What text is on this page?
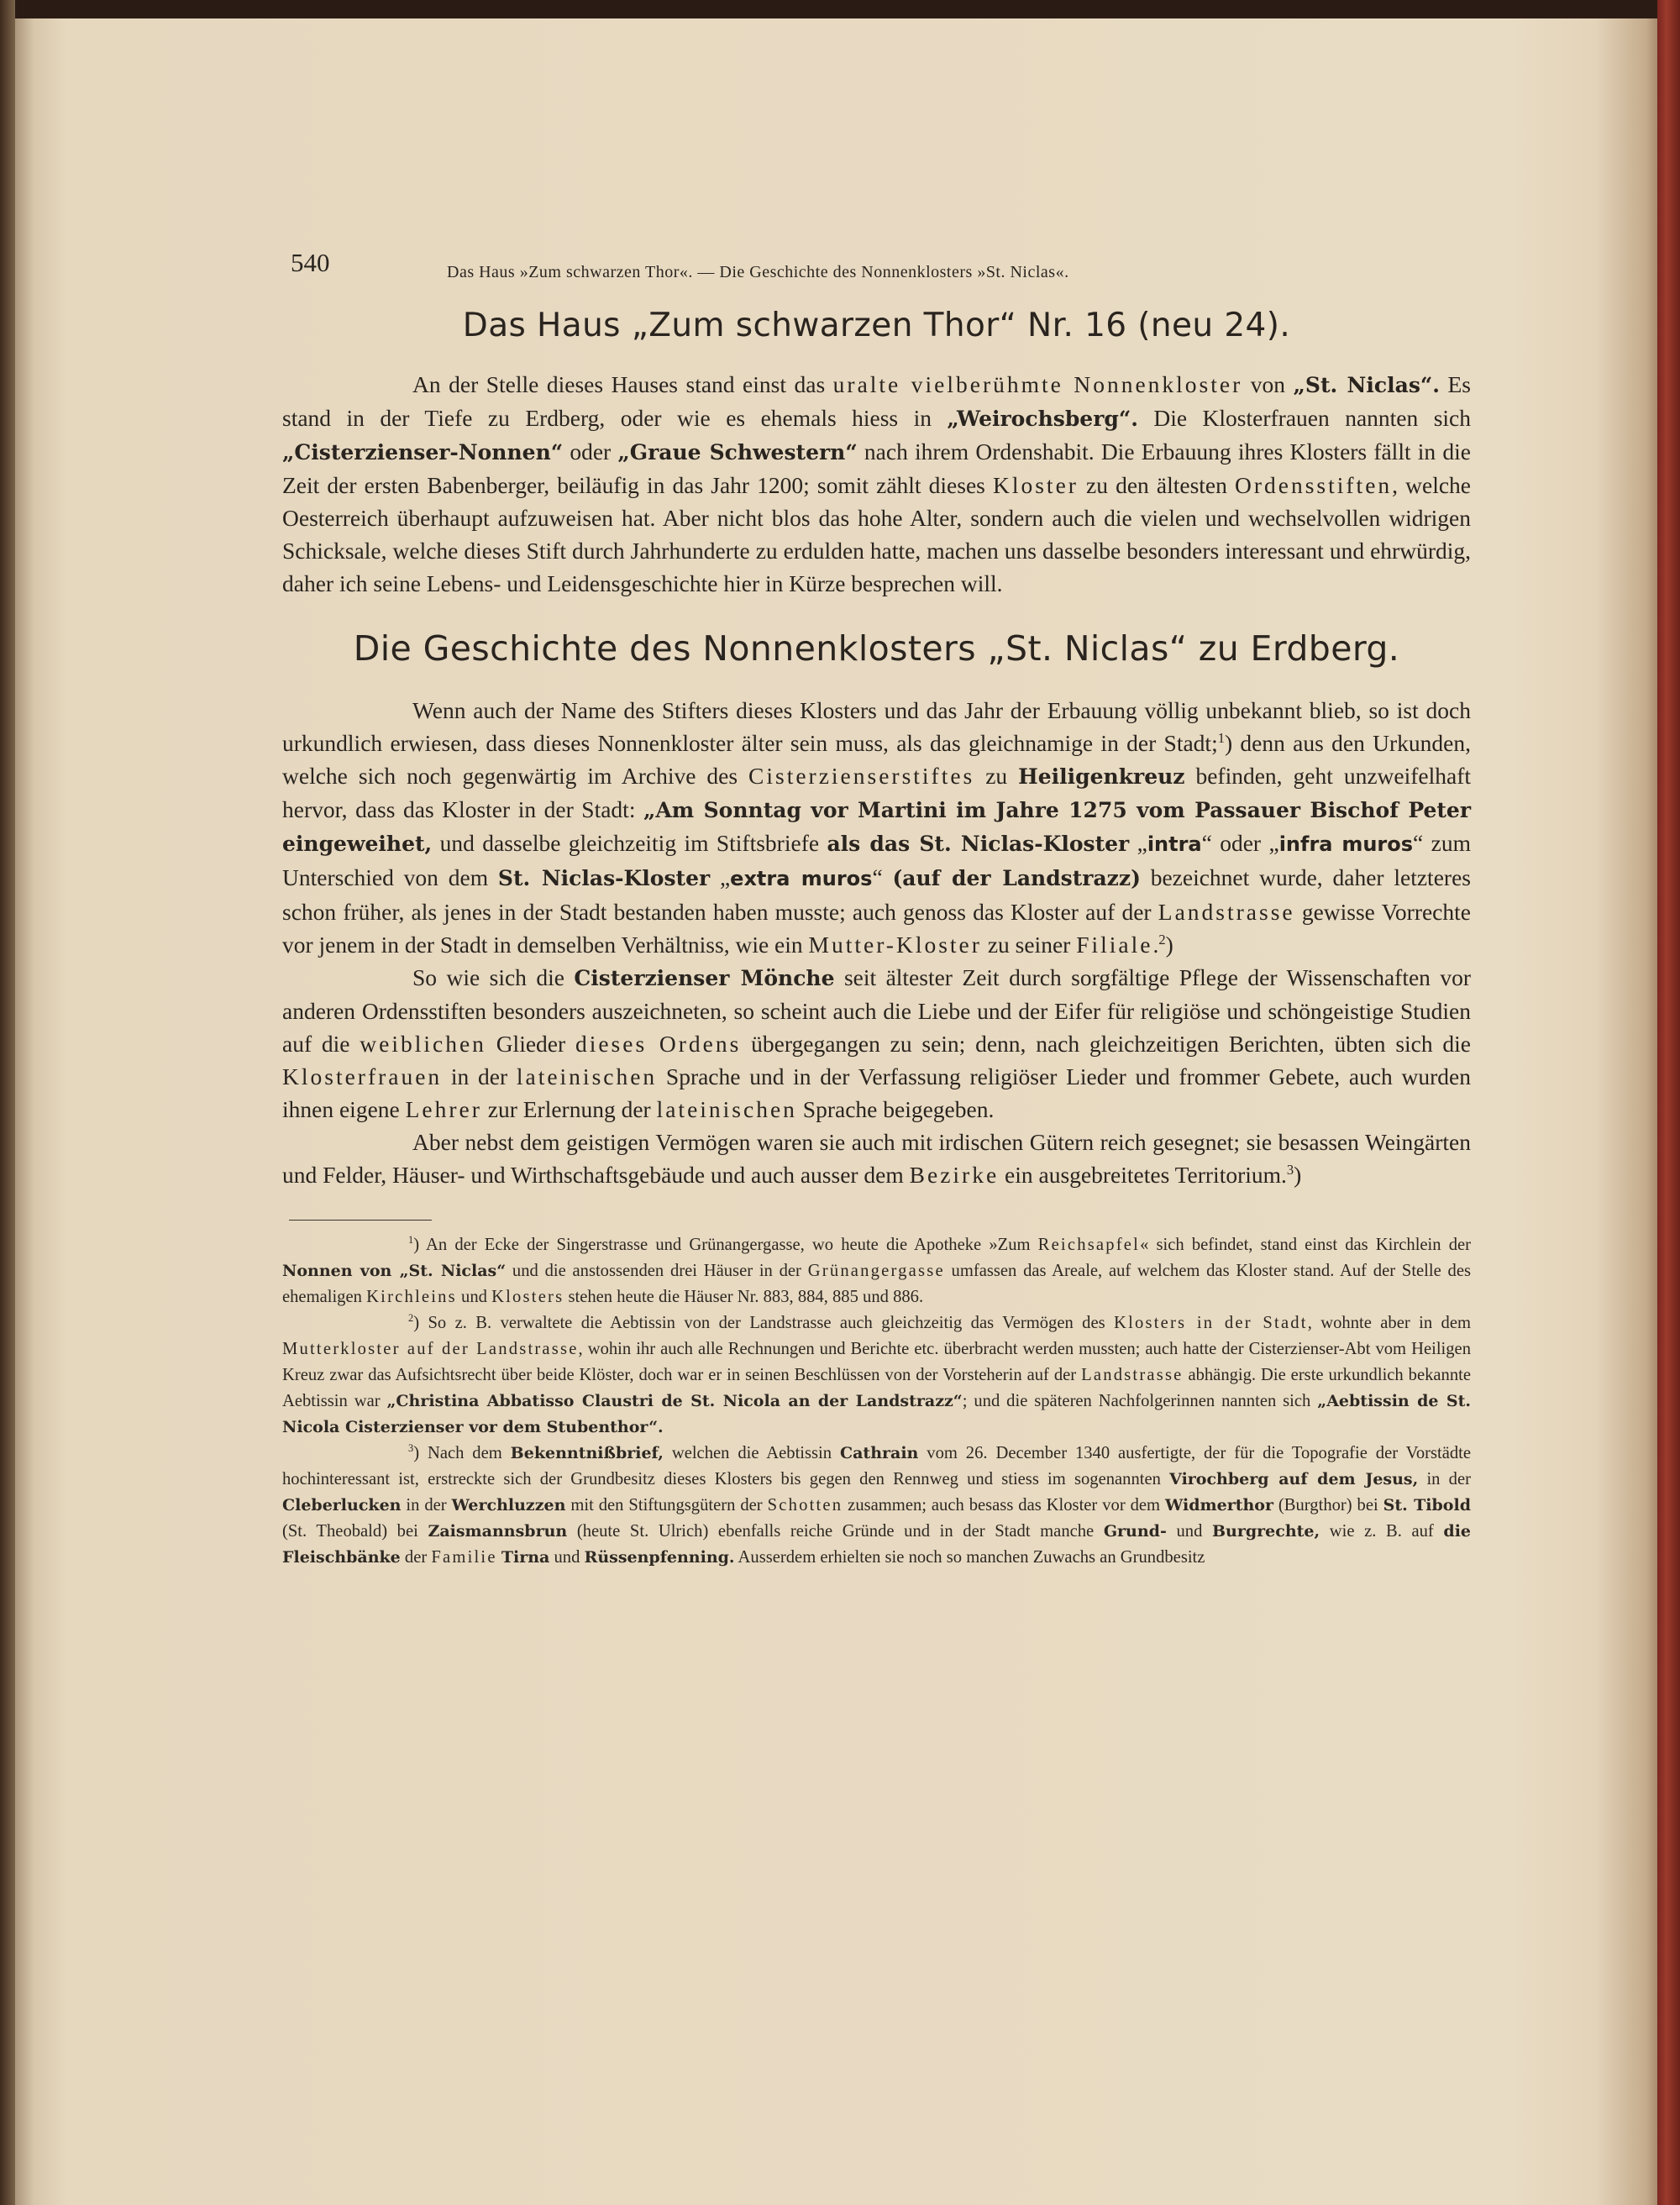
540	Das Haus »Zum schwarzen Thor«. — Die Geschichte des Nonnenklosters »St. Niclas«.
Das Haus „Zum schwarzen Thor“ Nr. 16 (neu 24).

An der Stelle dieses Hauses stand einst das uralte vielberühmte Nonnenkloster von „St. Niclas“. Es stand in der Tiefe zu Erdberg, oder wie es ehemals hiess in „Weirochsberg“. Die Klosterfrauen nannten sich „Cisterzienser-Nonnen“ oder „Graue Schwestern“ nach ihrem Ordenshabit. Die Erbauung ihres Klosters fällt in die Zeit der ersten Babenberger, beiläufig in das Jahr 1200; somit zählt dieses Kloster zu den ältesten Ordensstiften, welche Oesterreich überhaupt aufzuweisen hat. Aber nicht blos das hohe Alter, sondern auch die vielen und wechselvollen widrigen Schicksale, welche dieses Stift durch Jahrhunderte zu erdulden hatte, machen uns dasselbe besonders interessant und ehrwürdig, daher ich seine Lebens- und Leidensgeschichte hier in Kürze besprechen will.

Die Geschichte des Nonnenklosters „St. Niclas“ zu Erdberg.

Wenn auch der Name des Stifters dieses Klosters und das Jahr der Erbauung völlig unbekannt blieb, so ist doch urkundlich erwiesen, dass dieses Nonnenkloster älter sein muss, als das gleichnamige in der Stadt;$^1$) denn aus den Urkunden, welche sich noch gegenwärtig im Archive des Cisterzienserstiftes zu Heiligenkreuz befinden, geht unzweifelhaft hervor, dass das Kloster in der Stadt: „Am Sonntag vor Martini im Jahre 1275 vom Passauer Bischof Peter eingeweihet, und dasselbe gleichzeitig im Stiftsbriefe als das St. Niclas-Kloster „intra“ oder „infra muros“ zum Unterschied von dem St. Niclas-Kloster „extra muros“ (auf der Landstrazz) bezeichnet wurde, daher letzteres schon früher, als jenes in der Stadt bestanden haben musste; auch genoss das Kloster auf der Landstrasse gewisse Vorrechte vor jenem in der Stadt in demselben Verhältniss, wie ein Mutter-Kloster zu seiner Filiale.$^2$)

So wie sich die Cisterzienser Mönche seit ältester Zeit durch sorgfältige Pflege der Wissenschaften vor anderen Ordensstiften besonders auszeichneten, so scheint auch die Liebe und der Eifer für religiöse und schöngeistige Studien auf die weiblichen Glieder dieses Ordens übergegangen zu sein; denn, nach gleichzeitigen Berichten, übten sich die Klosterfrauen in der lateinischen Sprache und in der Verfassung religiöser Lieder und frommer Gebete, auch wurden ihnen eigene Lehrer zur Erlernung der lateinischen Sprache beigegeben.

Aber nebst dem geistigen Vermögen waren sie auch mit irdischen Gütern reich gesegnet; sie besassen Weingärten und Felder, Häuser- und Wirthschaftsgebäude und auch ausser dem Bezirke ein ausgebreitetes Territorium.$^3$)

$^1$) An der Ecke der Singerstrasse und Grünangergasse, wo heute die Apotheke »Zum Reichsapfel« sich befindet, stand einst das Kirchlein der Nonnen von „St. Niclas“ und die anstossenden drei Häuser in der Grünangergasse umfassen das Areale, auf welchem das Kloster stand. Auf der Stelle des ehemaligen Kirchleins und Klosters stehen heute die Häuser Nr. 883, 884, 885 und 886.

$^2$) So z. B. verwaltete die Aebtissin von der Landstrasse auch gleichzeitig das Vermögen des Klosters in der Stadt, wohnte aber in dem Mutterkloster auf der Landstrasse, wohin ihr auch alle Rechnungen und Berichte etc. überbracht werden mussten; auch hatte der Cisterzienser-Abt vom Heiligen Kreuz zwar das Aufsichtsrecht über beide Klöster, doch war er in seinen Beschlüssen von der Vorsteherin auf der Landstrasse abhängig. Die erste urkundlich bekannte Aebtissin war „Christina Abbatisso Claustri de St. Nicola an der Landstrazz“; und die späteren Nachfolgerinnen nannten sich „Aebtissin de St. Nicola Cisterzienser vor dem Stubenthor“.

$^3$) Nach dem Bekenntnißbrief, welchen die Aebtissin Cathrain vom 26. December 1340 ausfertigte, der für die Topografie der Vorstädte hochinteressant ist, erstreckte sich der Grundbesitz dieses Klosters bis gegen den Rennweg und stiess im sogenannten Virochberg auf dem Jesus, in der Cleberlucken in der Werchluzzen mit den Stiftungsgütern der Schotten zusammen; auch besass das Kloster vor dem Widmerthor (Burgthor) bei St. Tibold (St. Theobald) bei Zaismannsbrun (heute St. Ulrich) ebenfalls reiche Gründe und in der Stadt manche Grund- und Burgrechte, wie z. B. auf die Fleischbänke der Familie Tirna und Rüssenpfenning. Ausserdem erhielten sie noch so manchen Zuwachs an Grundbesitz
